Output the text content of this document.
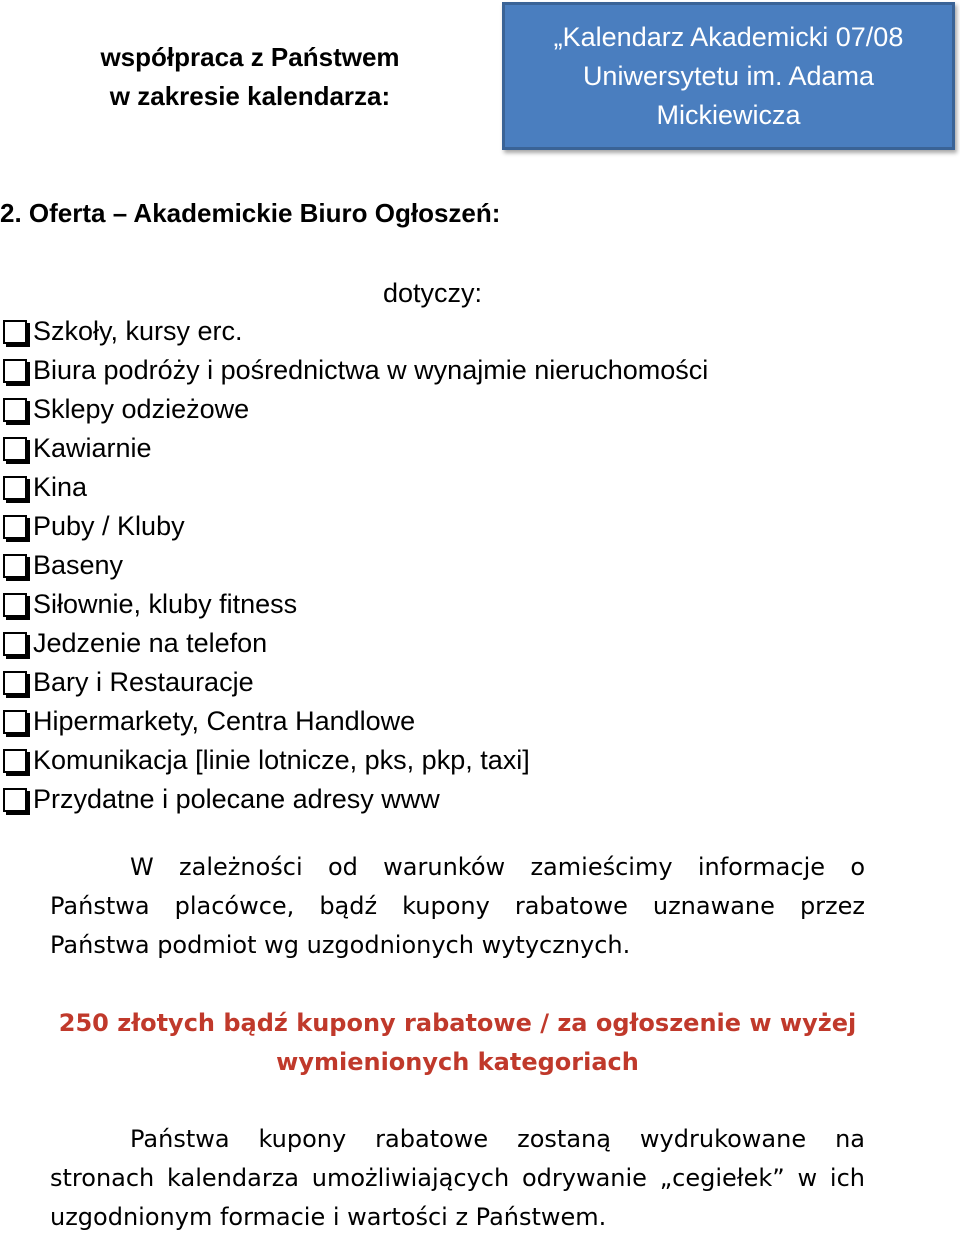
współpraca z Państwem
w zakresie kalendarza:
„Kalendarz Akademicki 07/08 Uniwersytetu im. Adama Mickiewicza
2. Oferta – Akademickie Biuro Ogłoszeń:
dotyczy:
Szkoły, kursy erc.
Biura podróży i pośrednictwa w wynajmie nieruchomości
Sklepy odzieżowe
Kawiarnie
Kina
Puby / Kluby
Baseny
Siłownie, kluby fitness
Jedzenie na telefon
Bary i Restauracje
Hipermarkety, Centra Handlowe
Komunikacja [linie lotnicze, pks, pkp, taxi]
Przydatne i polecane adresy www
W zależności od warunków zamieścimy informacje o Państwa placówce, bądź kupony rabatowe uznawane przez Państwa podmiot wg uzgodnionych wytycznych.
250 złotych bądź kupony rabatowe / za ogłoszenie w wyżej wymienionych kategoriach
Państwa kupony rabatowe zostaną wydrukowane na stronach kalendarza umożliwiających odrywanie „cegiełek” w ich uzgodnionym formacie i wartości z Państwem.
